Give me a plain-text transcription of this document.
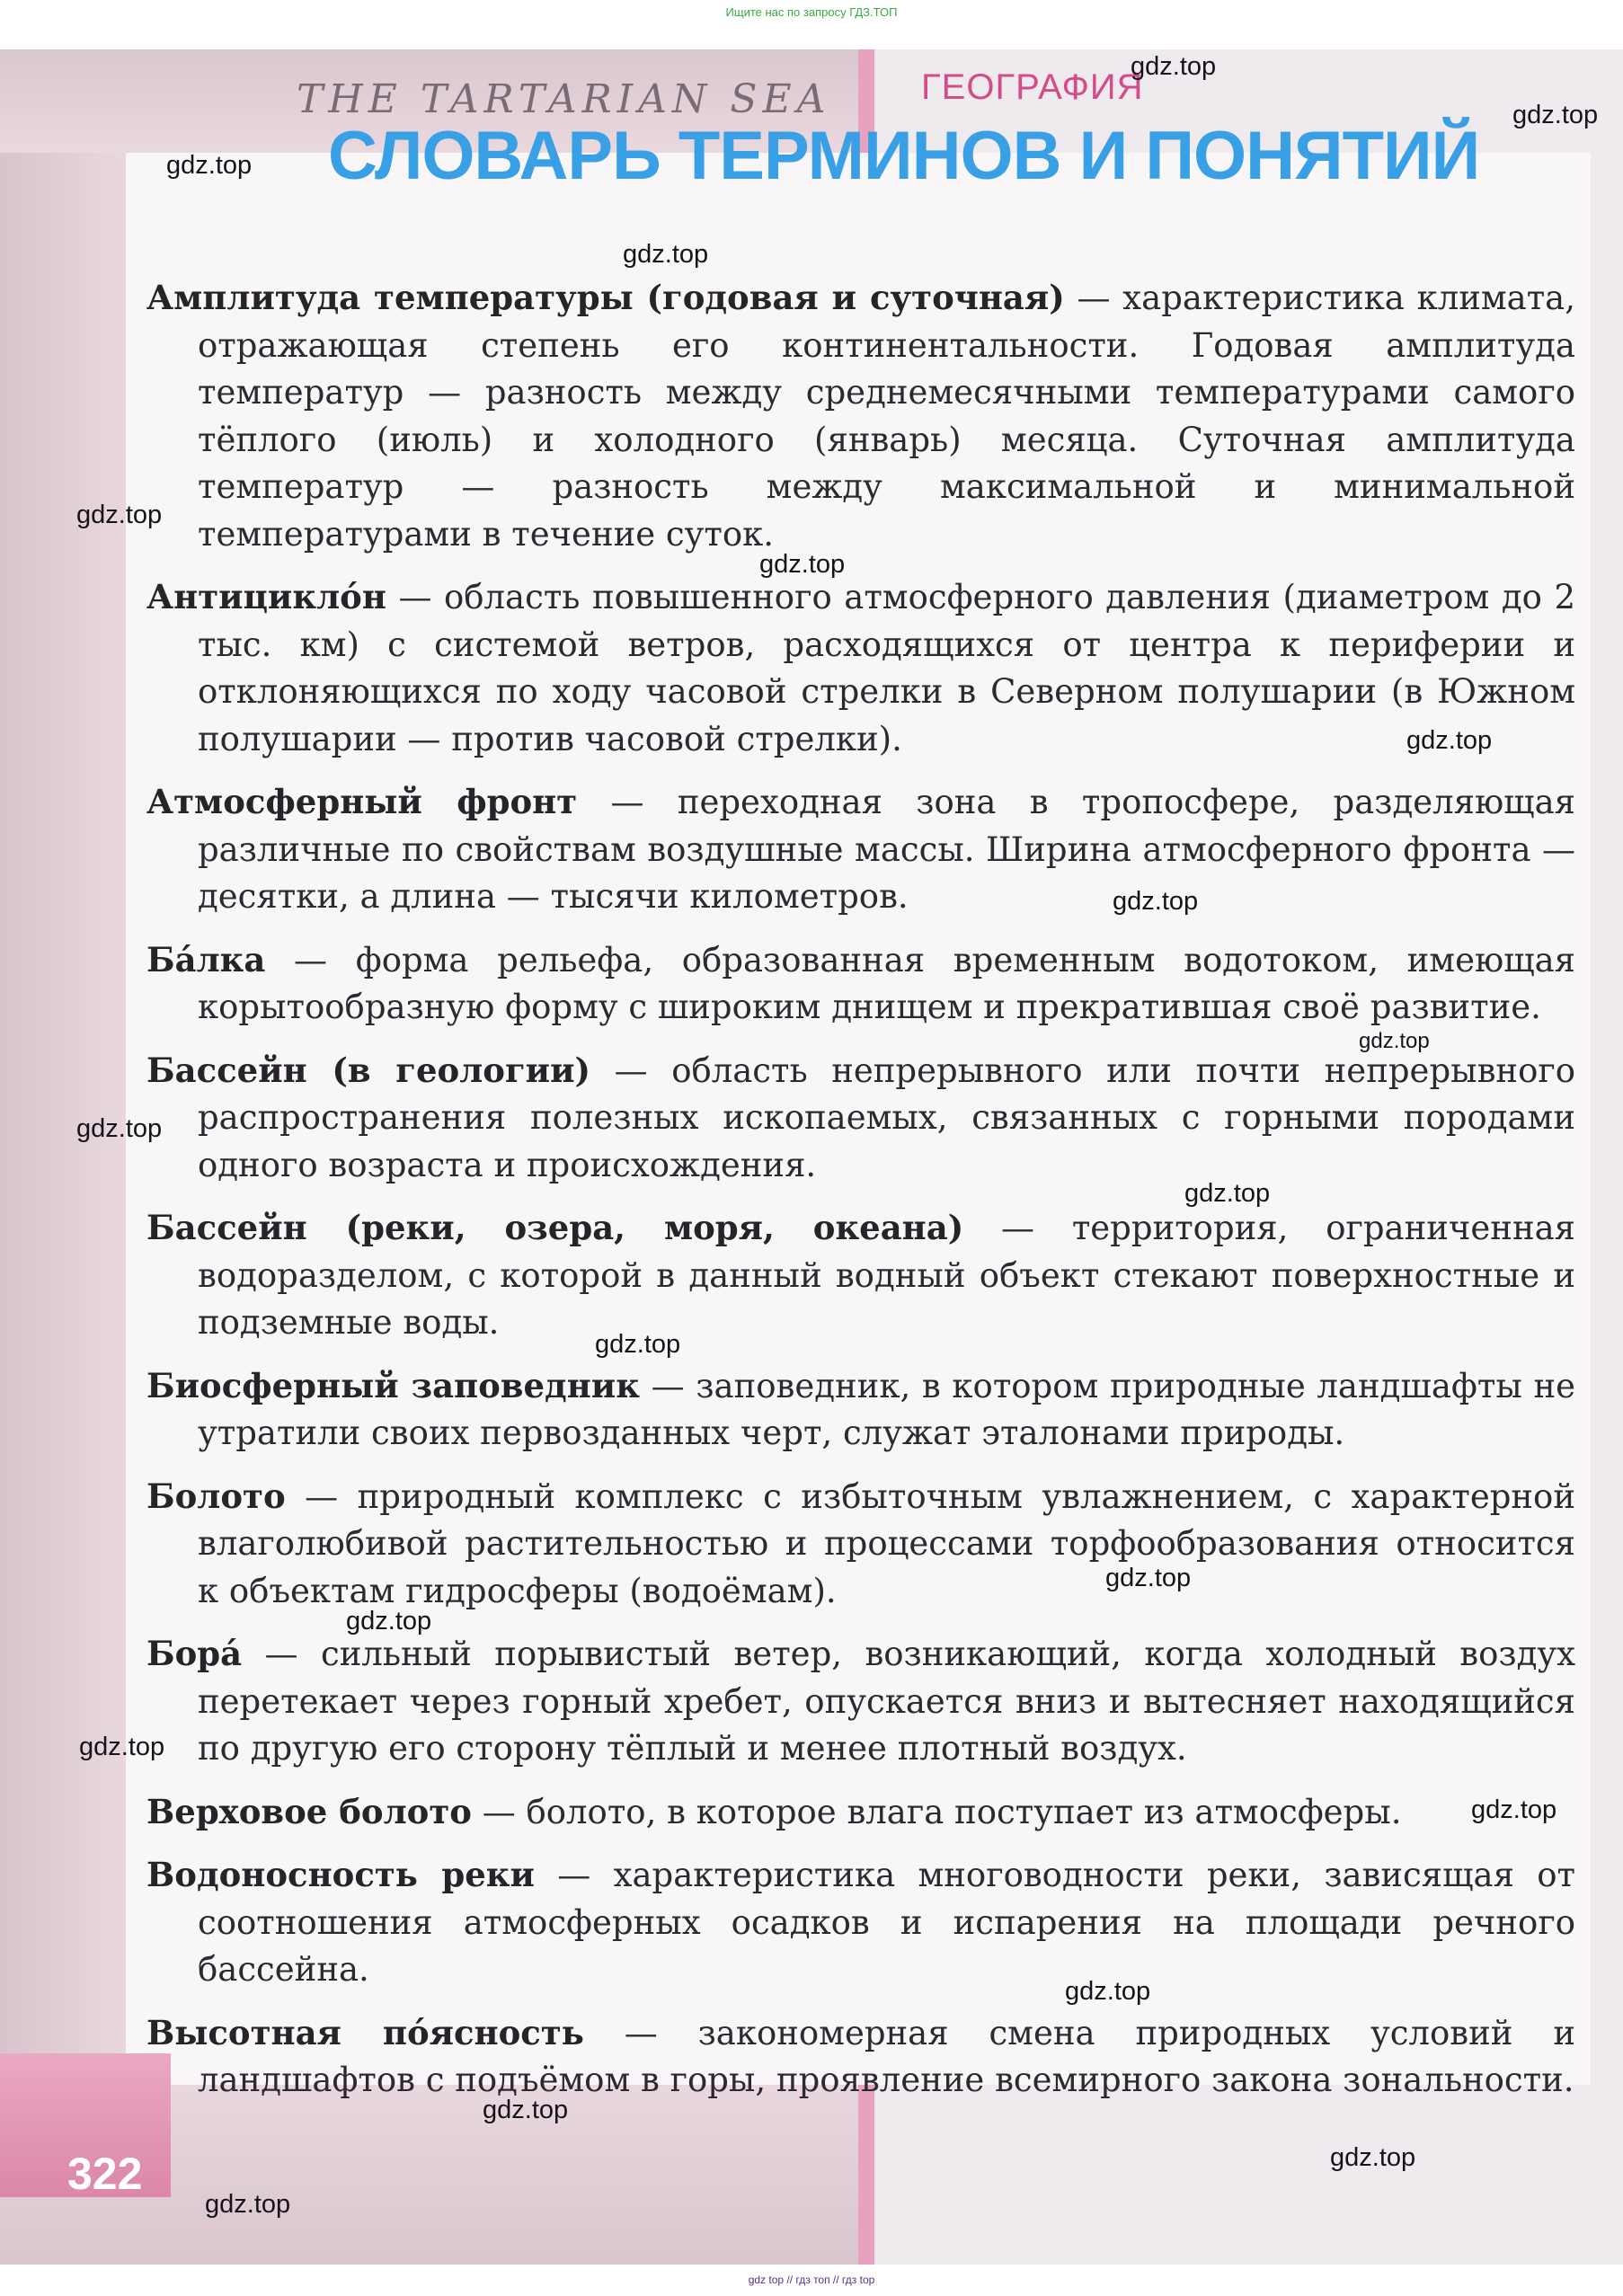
Ищите нас по запросу ГДЗ.ТОП
THE TARTARIAN SEA
322
ГЕОГРАФИЯ
СЛОВАРЬ ТЕРМИНОВ И ПОНЯТИЙ

Амплитуда температуры (годовая и суточная) — характеристика климата, отражающая степень его континентальности. Годовая амплитуда температур — разность между среднемесячными температурами самого тёплого (июль) и холодного (январь) месяца. Суточная амплитуда температур — разность между максимальной и минимальной температурами в течение суток.

Антициклóн — область повышенного атмосферного давления (диаметром до 2 тыс. км) с системой ветров, расходящихся от центра к периферии и отклоняющихся по ходу часовой стрелки в Северном полушарии (в Южном полушарии — против часовой стрелки).

Атмосферный фронт — переходная зона в тропосфере, разделяющая различные по свойствам воздушные массы. Ширина атмосферного фронта — десятки, а длина — тысячи километров.

Бáлка — форма рельефа, образованная временным водотоком, имеющая корытообразную форму с широким днищем и прекратившая своё развитие.

Бассейн (в геологии) — область непрерывного или почти непрерывного распространения полезных ископаемых, связанных с горными породами одного возраста и происхождения.

Бассейн (реки, озера, моря, океана) — территория, ограниченная водоразделом, с которой в данный водный объект стекают поверхностные и подземные воды.

Биосферный заповедник — заповедник, в котором природные ландшафты не утратили своих первозданных черт, служат эталонами природы.

Болото — природный комплекс с избыточным увлажнением, с характерной влаголюбивой растительностью и процессами торфообразования относится к объектам гидросферы (водоёмам).

Борá — сильный порывистый ветер, возникающий, когда холодный воздух перетекает через горный хребет, опускается вниз и вытесняет находящийся по другую его сторону тёплый и менее плотный воздух.

Верховое болото — болото, в которое влага поступает из атмосферы.

Водоносность реки — характеристика многоводности реки, зависящая от соотношения атмосферных осадков и испарения на площади речного бассейна.

Высотная пóясность — закономерная смена природных условий и ландшафтов с подъёмом в горы, проявление всемирного закона зональности.

gdz.top
gdz.top
gdz.top
gdz.top
gdz.top
gdz.top
gdz.top
gdz.top
gdz.top
gdz.top
gdz.top
gdz.top
gdz.top
gdz.top
gdz.top
gdz.top
gdz.top
gdz.top
gdz.top
gdz.top
gdz top // гдз топ // гдз top
